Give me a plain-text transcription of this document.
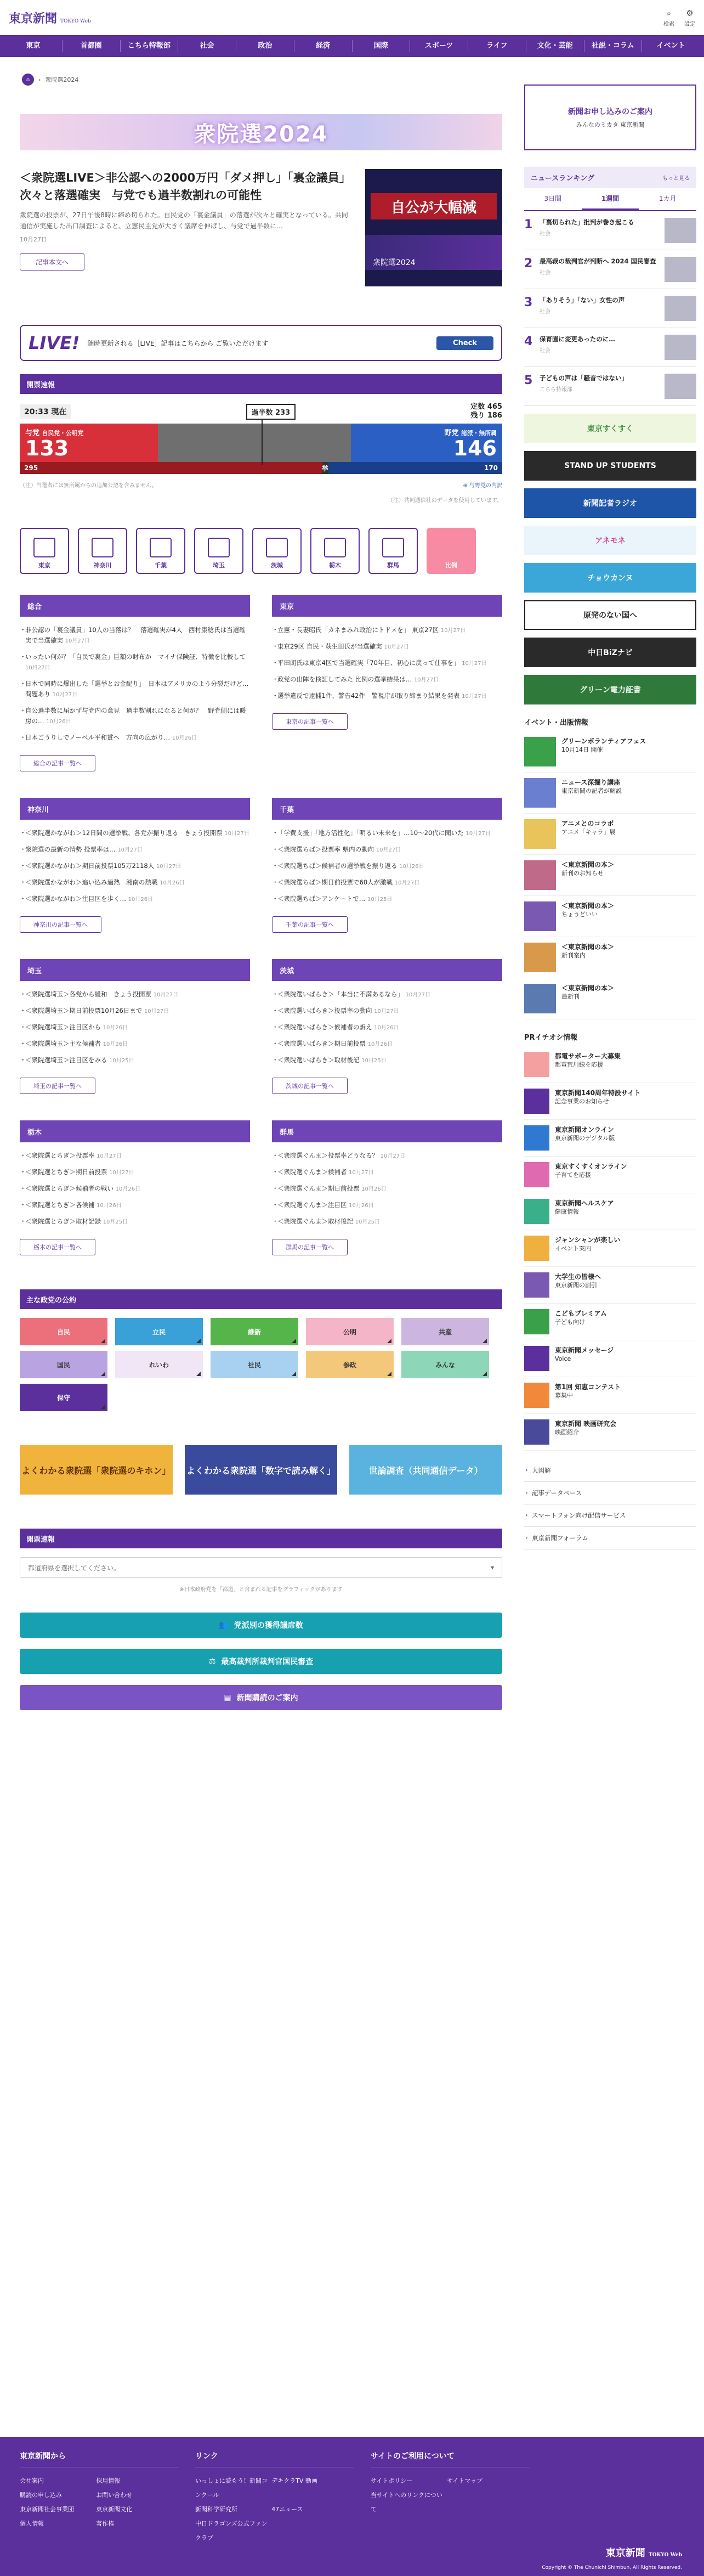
東京新聞 TOKYO Web
⌕
検索
⚙
設定
東京	首都圏	こちら特報部	社会	政治	経済	国際	スポーツ	ライフ	文化・芸能	社説・コラム	イベント
⌂	› 衆院選2024
衆院選2024
＜衆院選LIVE＞非公認への2000万円「ダメ押し」「裏金議員」次々と落選確実　与党でも過半数割れの可能性

衆院選の投票が、27日午後8時に締め切られた。自民党の「裏金議員」の落選が次々と確実となっている。共同通信が実施した出口調査によると、立憲民主党が大きく議席を伸ばし、与党で過半数に…

10月27日
記事本文へ
自公が大幅減
衆院選2024
LIVE! 随時更新される［LIVE］記事はこちらから ご覧いただけます	Check
開票速報
20:33 現在	過半数 233
定数 465
残り 186
与党 自民党・公明党
133
野党 諸派・無所属
146
295	挙前
170
（注）当選者には無所属からの追加公認を含みません。	⊕ 与野党の内訳
（注）共同通信社のデータを使用しています。
東京	神奈川	千葉	埼玉	茨城	栃木	群馬	比例
総合
・ 非公認の「裏金議員」10人の当落は？　落選確実が4人　西村康稔氏は当選確実で当選確実 10月27日
・ いったい何が？「自民で裏金」巨額の財布か　マイナ保険証、特徴を比較して 10月27日
・ 日本で同時に爆出した「選挙とお金配り」　日本はアメリカのよう分裂だけど…問題あり 10月27日
・ 自公過半数に届かず与党内の意見　過半数割れになると何が？　野党側には暖房の… 10月26日
・ 日本ごうりしでノーベル平和賞へ　方向の広がり… 10月26日
総合の記事一覧へ
東京
・ 立憲・長妻昭氏「カネまみれ政治にトドメを」 東京27区 10月27日
・ 東京29区 自民・萩生田氏が当選確実 10月27日
・ 平田朗氏は東京4区で当選確実「70年目、初心に戻って仕事を」 10月27日
・ 政党の出陣を検証してみた 比例の選挙結果は… 10月27日
・ 選挙違反で逮捕1件、警告42件　警視庁が取り締まり結果を発表 10月27日
東京の記事一覧へ
神奈川
・ ＜衆院選かながわ＞12日間の選挙戦、各党が振り返る　きょう投開票 10月27日
・ 衆院選の最新の情勢 投票率は… 10月27日
・ ＜衆院選かながわ＞期日前投票105万2118人 10月27日
・ ＜衆院選かながわ＞追い込み過熱　湘南の熱戦 10月26日
・ ＜衆院選かながわ＞注目区を歩く… 10月26日
神奈川の記事一覧へ
千葉
・ 「学費支援」「地方活性化」「明るい未来を」…10〜20代に聞いた 10月27日
・ ＜衆院選ちば＞投票率 県内の動向 10月27日
・ ＜衆院選ちば＞候補者の選挙戦を振り返る 10月26日
・ ＜衆院選ちば＞期日前投票で60人が激戦 10月27日
・ ＜衆院選ちば＞アンケートで… 10月25日
千葉の記事一覧へ
埼玉
・ ＜衆院選埼玉＞各党から緩和　きょう投開票 10月27日
・ ＜衆院選埼玉＞期日前投票10月26日まで 10月27日
・ ＜衆院選埼玉＞注目区から 10月26日
・ ＜衆院選埼玉＞主な候補者 10月26日
・ ＜衆院選埼玉＞注目区をみる 10月25日
埼玉の記事一覧へ
茨城
・ ＜衆院選いばらき＞「本当に不満あるなら」 10月27日
・ ＜衆院選いばらき＞投票率の動向 10月27日
・ ＜衆院選いばらき＞候補者の訴え 10月26日
・ ＜衆院選いばらき＞期日前投票 10月26日
・ ＜衆院選いばらき＞取材後記 10月25日
茨城の記事一覧へ
栃木
・ ＜衆院選とちぎ＞投票率 10月27日
・ ＜衆院選とちぎ＞期日前投票 10月27日
・ ＜衆院選とちぎ＞候補者の戦い 10月26日
・ ＜衆院選とちぎ＞各候補 10月26日
・ ＜衆院選とちぎ＞取材記録 10月25日
栃木の記事一覧へ
群馬
・ ＜衆院選ぐんま＞投票率どうなる？ 10月27日
・ ＜衆院選ぐんま＞候補者 10月27日
・ ＜衆院選ぐんま＞期日前投票 10月26日
・ ＜衆院選ぐんま＞注目区 10月26日
・ ＜衆院選ぐんま＞取材後記 10月25日
群馬の記事一覧へ
主な政党の公約
自民	立民	維新	公明	共産
国民	れいわ	社民	参政	みんな
保守
よくわかる衆院選「衆院選のキホン」 よくわかる衆院選「数字で読み解く」	世論調査（共同通信データ）
開票速報
都道府県を選択してください。	▾
※日本政府党を「都道」と含まれる記事をグラフィックがあります
👥 党派別の獲得議席数
⚖ 最高裁判所裁判官国民審査
▤ 新聞購読のご案内
新聞お申し込みのご案内
みんなのミカタ 東京新聞
ニュースランキング	もっと見る
3日間	1週間	1カ月
1 「裏切られた」批判が巻き起こる
社会
2 最高裁の裁判官が判断へ 2024 国民審査
社会
3 「ありそう」「ない」女性の声
社会
4 保育園に変更あったのに…
社会
5 子どもの声は「騒音ではない」
こちら特報部
東京すくすく
STAND UP STUDENTS
新聞記者ラジオ
アネモネ
チョウカンヌ
原発のない国へ
中日BiZナビ
グリーン電力証書
イベント・出版情報
グリーンボランティアフェス
10月14日 開催
ニュース深掘り講座
東京新聞の記者が解説
アニメとのコラボ
アニメ「キャラ」展
＜東京新聞の本＞
新刊のお知らせ
＜東京新聞の本＞
ちょうどいい
＜東京新聞の本＞
新刊案内
＜東京新聞の本＞
最新刊
PRイチオシ情報
都電サポーター大募集
都電荒川線を応援
東京新聞140周年特設サイト
記念事業のお知らせ
東京新聞オンライン
東京新聞のデジタル版
東京すくすくオンライン
子育てを応援
東京新聞ヘルスケア
健康情報
ジャンシャンが楽しい
イベント案内
大学生の皆様へ
東京新聞の割引
こどもプレミアム
子ども向け
東京新聞メッセージ
Voice
第1回 知恵コンテスト
募集中
東京新聞 映画研究会
映画紹介
› 大図解
› 記事データベース
› スマートフォン向け配信サービス
› 東京新聞フォーラム
東京新聞から
会社案内	採用情報
購読の申し込み	お問い合わせ
東京新聞社会事業団	東京新聞文化
個人情報	著作権
リンク
いっしょに読もう！新聞コンクール
デキクラTV 動画
新聞科学研究所	47ニュース
中日ドラゴンズ公式ファンクラブ
サイトのご利用について
サイトポリシー	サイトマップ
当サイトへのリンクについて
東京新聞 TOKYO Web
Copyright © The Chunichi Shimbun, All Rights Reserved.
